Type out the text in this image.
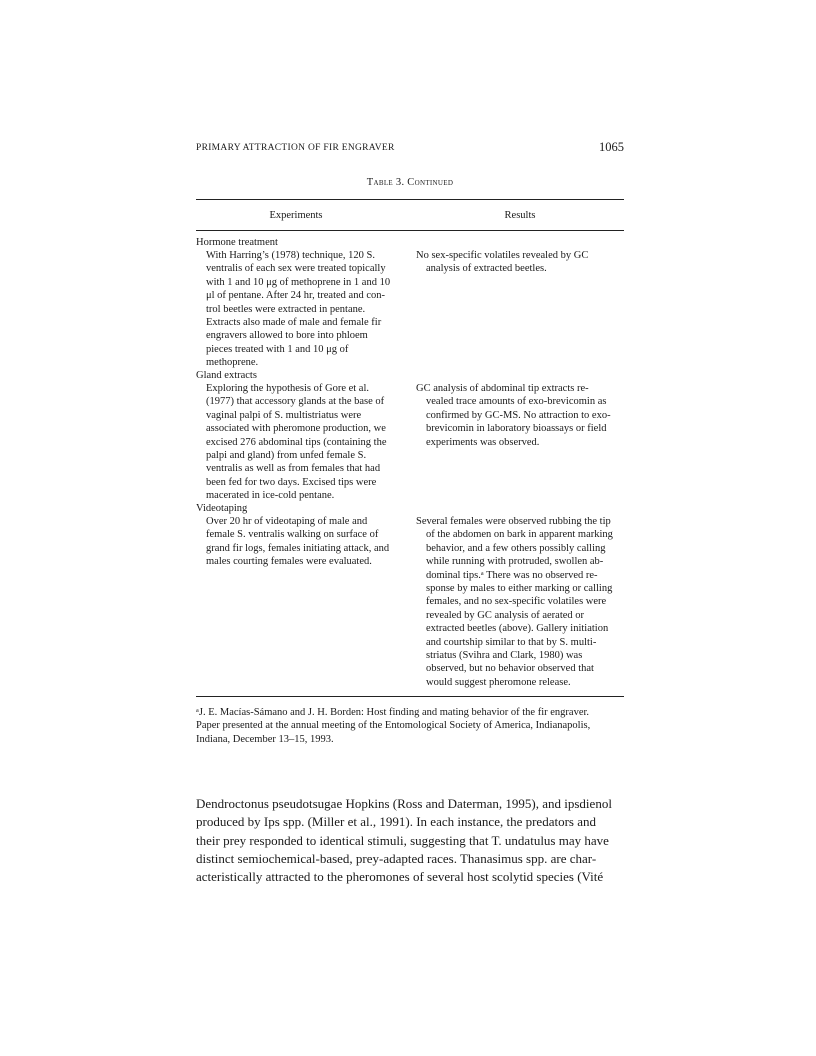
PRIMARY ATTRACTION OF FIR ENGRAVER	1065
Table 3. Continued
Experiments	Results
Hormone treatment
With Harring’s (1978) technique, 120 S.
ventralis of each sex were treated topically
with 1 and 10 μg of methoprene in 1 and 10
μl of pentane. After 24 hr, treated and con-
trol beetles were extracted in pentane.
Extracts also made of male and female fir
engravers allowed to bore into phloem
pieces treated with 1 and 10 μg of
methoprene.
No sex-specific volatiles revealed by GC
analysis of extracted beetles.
Gland extracts
Exploring the hypothesis of Gore et al.
(1977) that accessory glands at the base of
vaginal palpi of S. multistriatus were
associated with pheromone production, we
excised 276 abdominal tips (containing the
palpi and gland) from unfed female S.
ventralis as well as from females that had
been fed for two days. Excised tips were
macerated in ice-cold pentane.
GC analysis of abdominal tip extracts re-
vealed trace amounts of exo-brevicomin as
confirmed by GC-MS. No attraction to exo-
brevicomin in laboratory bioassays or field
experiments was observed.
Videotaping
Over 20 hr of videotaping of male and
female S. ventralis walking on surface of
grand fir logs, females initiating attack, and
males courting females were evaluated.
Several females were observed rubbing the tip
of the abdomen on bark in apparent marking
behavior, and a few others possibly calling
while running with protruded, swollen ab-
dominal tips.ᵃ There was no observed re-
sponse by males to either marking or calling
females, and no sex-specific volatiles were
revealed by GC analysis of aerated or
extracted beetles (above). Gallery initiation
and courtship similar to that by S. multi-
striatus (Svihra and Clark, 1980) was
observed, but no behavior observed that
would suggest pheromone release.
ᵃJ. E. Macías-Sámano and J. H. Borden: Host finding and mating behavior of the fir engraver.
Paper presented at the annual meeting of the Entomological Society of America, Indianapolis,
Indiana, December 13–15, 1993.
Dendroctonus pseudotsugae Hopkins (Ross and Daterman, 1995), and ipsdienol
produced by Ips spp. (Miller et al., 1991). In each instance, the predators and
their prey responded to identical stimuli, suggesting that T. undatulus may have
distinct semiochemical-based, prey-adapted races. Thanasimus spp. are char-
acteristically attracted to the pheromones of several host scolytid species (Vité
